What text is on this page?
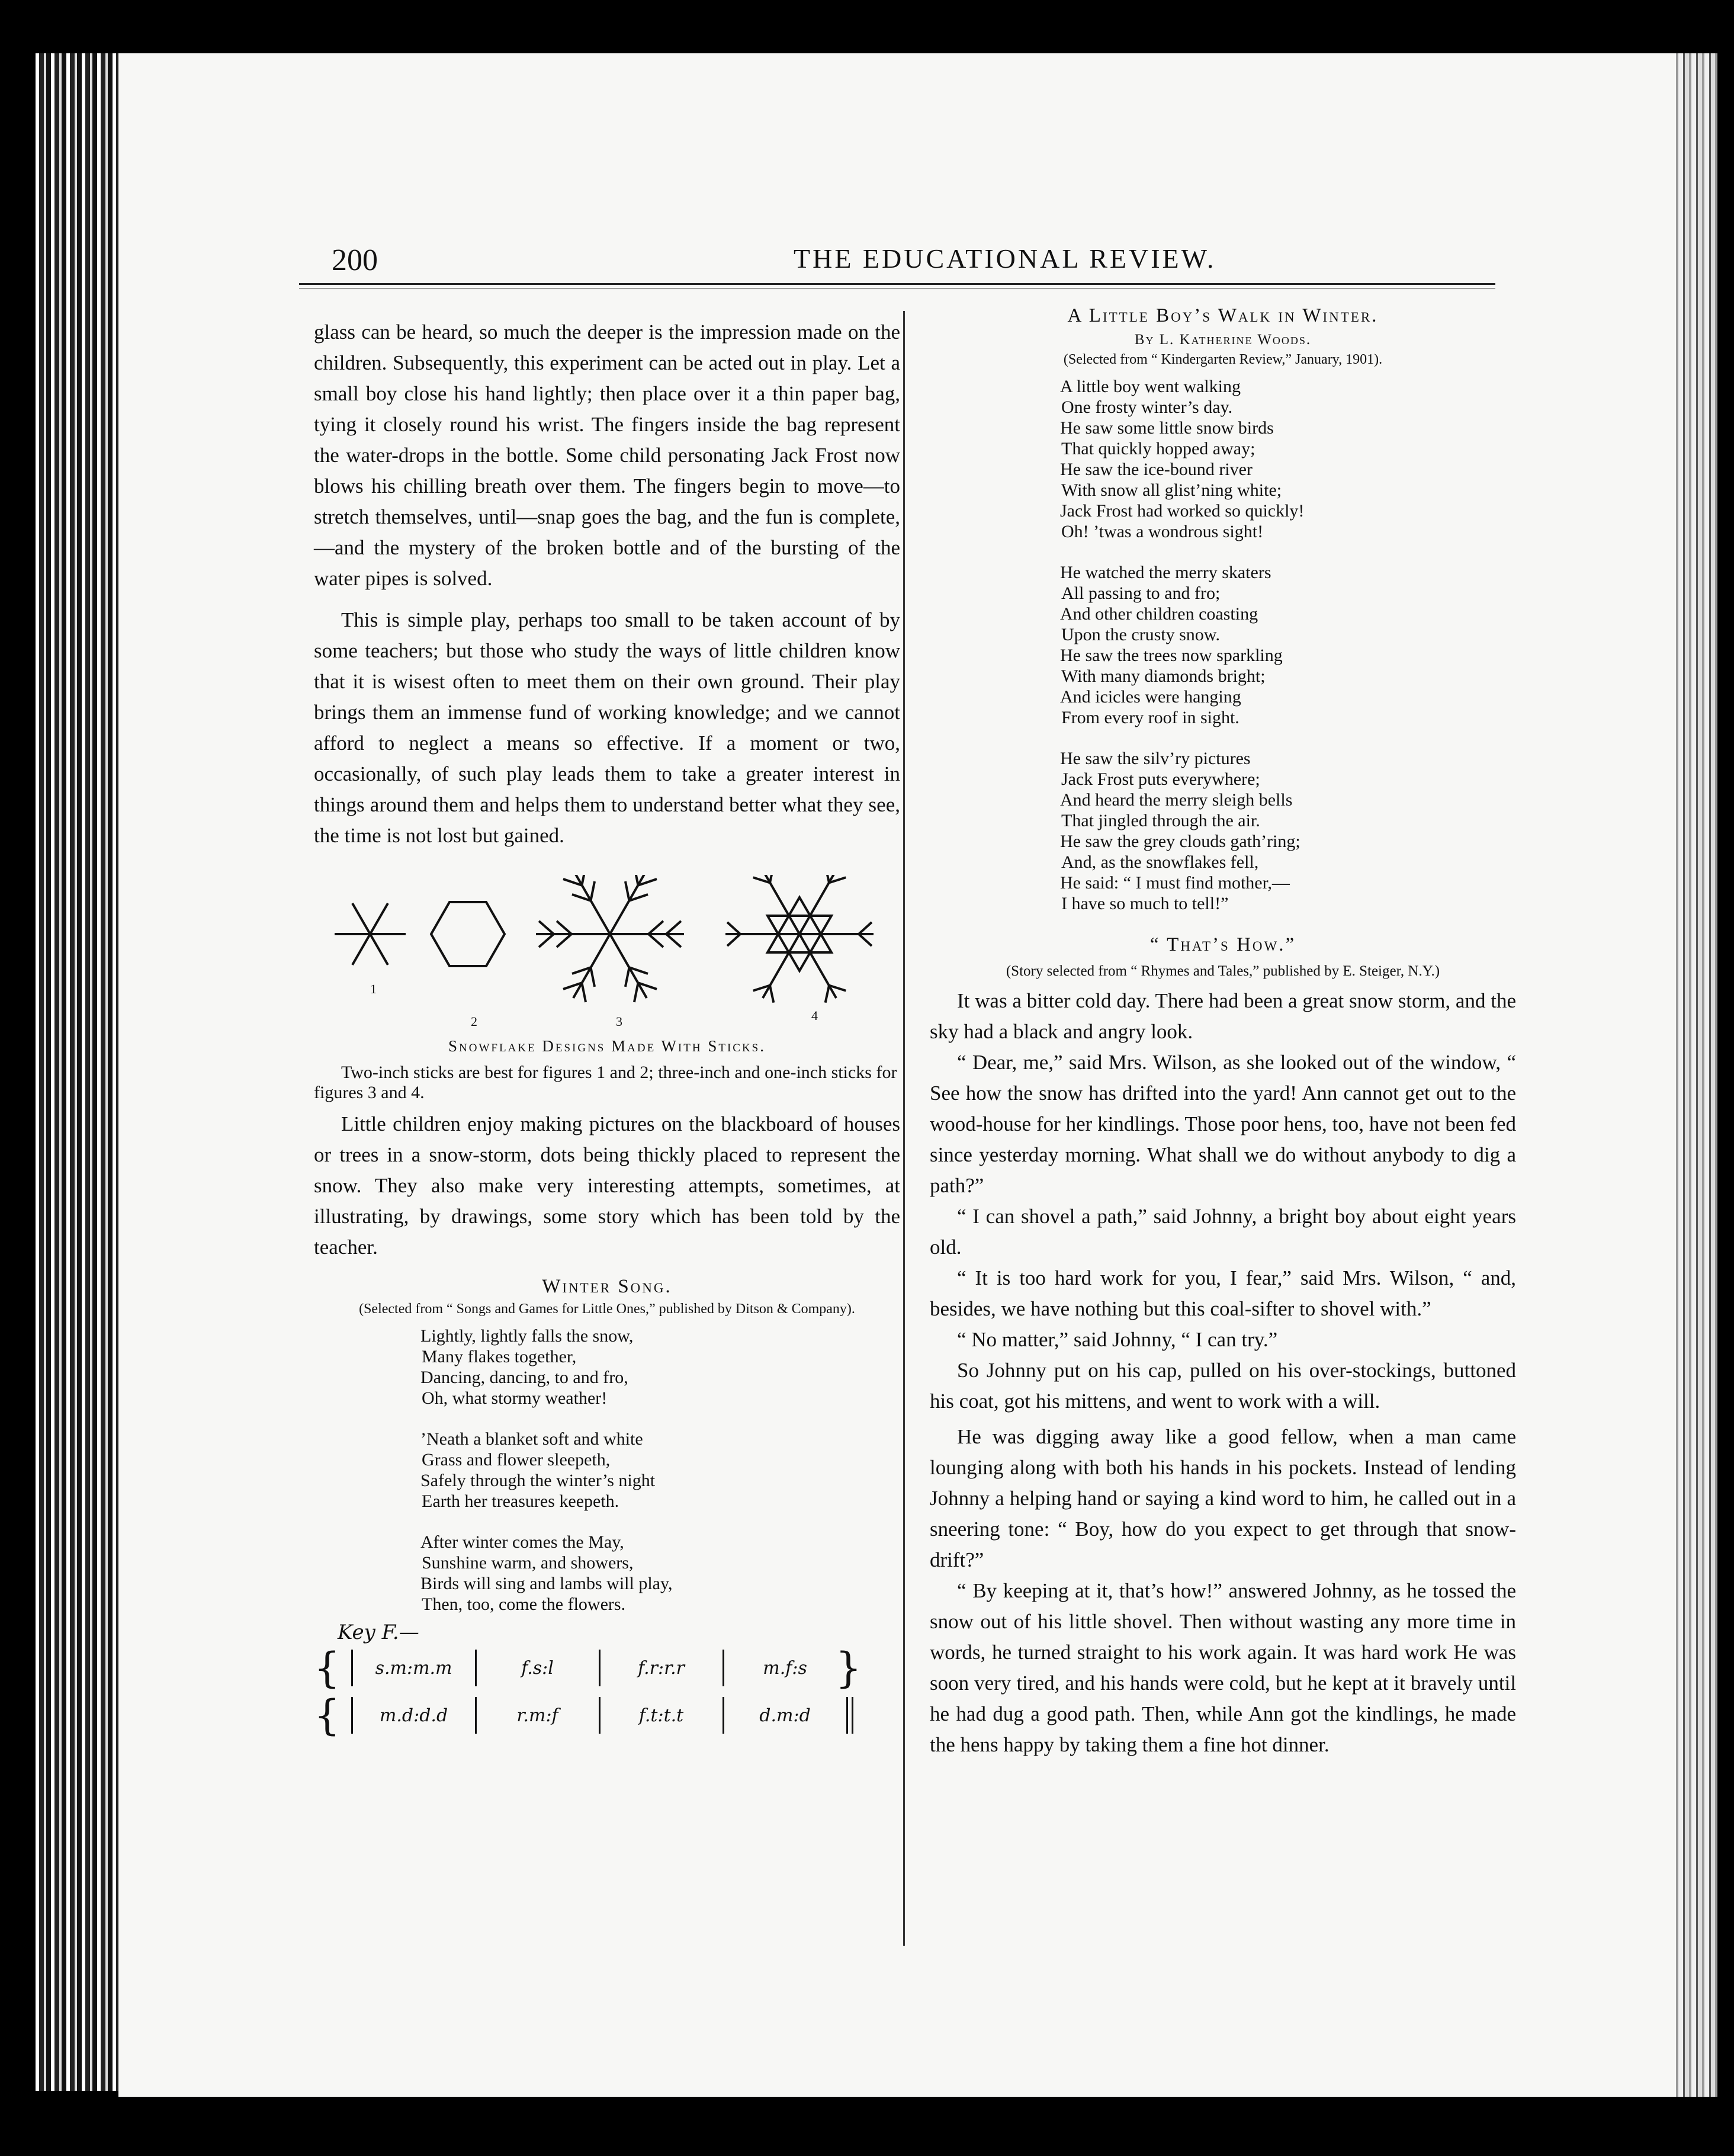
200	THE EDUCATIONAL REVIEW.

glass can be heard, so much the deeper is the impression made on the children. Subsequently, this experiment can be acted out in play. Let a small boy close his hand lightly; then place over it a thin paper bag, tying it closely round his wrist. The fingers inside the bag represent the water-drops in the bottle. Some child personating Jack Frost now blows his chilling breath over them. The fingers begin to move—to stretch themselves, until—snap goes the bag, and the fun is complete,—and the mystery of the broken bottle and of the bursting of the water pipes is solved.

This is simple play, perhaps too small to be taken account of by some teachers; but those who study the ways of little children know that it is wisest often to meet them on their own ground. Their play brings them an immense fund of working knowledge; and we cannot afford to neglect a means so effective. If a moment or two, occasionally, of such play leads them to take a greater interest in things around them and helps them to understand better what they see, the time is not lost but gained.

1
2	3	4
Snowflake Designs Made With Sticks.

Two-inch sticks are best for figures 1 and 2; three-inch and one-inch sticks for figures 3 and 4.

Little children enjoy making pictures on the blackboard of houses or trees in a snow-storm, dots being thickly placed to represent the snow. They also make very interesting attempts, sometimes, at illustrating, by drawings, some story which has been told by the teacher.

Winter Song.

(Selected from “ Songs and Games for Little Ones,” published by Ditson & Company).

Lightly, lightly falls the snow,
Many flakes together,
Dancing, dancing, to and fro,
Oh, what stormy weather!
’Neath a blanket soft and white
Grass and flower sleepeth,
Safely through the winter’s night
Earth her treasures keepeth.
After winter comes the May,
Sunshine warm, and showers,
Birds will sing and lambs will play,
Then, too, come the flowers.
Key F.—
{	s.m:m.m	f.s:l	f.r:r.r	m.f:s }
{	m.d:d.d	r.m:f	f.t:t.t	d.m:d

A Little Boy’s Walk in Winter.

By L. Katherine Woods.

(Selected from “ Kindergarten Review,” January, 1901).

A little boy went walking
One frosty winter’s day.
He saw some little snow birds
That quickly hopped away;
He saw the ice-bound river
With snow all glist’ning white;
Jack Frost had worked so quickly!
Oh! ’twas a wondrous sight!
He watched the merry skaters
All passing to and fro;
And other children coasting
Upon the crusty snow.
He saw the trees now sparkling
With many diamonds bright;
And icicles were hanging
From every roof in sight.
He saw the silv’ry pictures
Jack Frost puts everywhere;
And heard the merry sleigh bells
That jingled through the air.
He saw the grey clouds gath’ring;
And, as the snowflakes fell,
He said: “ I must find mother,—
I have so much to tell!”

“ That’s How.”

(Story selected from “ Rhymes and Tales,” published by E. Steiger, N.Y.)

It was a bitter cold day. There had been a great snow storm, and the sky had a black and angry look.

“ Dear, me,” said Mrs. Wilson, as she looked out of the window, “ See how the snow has drifted into the yard! Ann cannot get out to the wood-house for her kindlings. Those poor hens, too, have not been fed since yesterday morning. What shall we do without anybody to dig a path?”

“ I can shovel a path,” said Johnny, a bright boy about eight years old.

“ It is too hard work for you, I fear,” said Mrs. Wilson, “ and, besides, we have nothing but this coal-sifter to shovel with.”

“ No matter,” said Johnny, “ I can try.”

So Johnny put on his cap, pulled on his over-stockings, buttoned his coat, got his mittens, and went to work with a will.

He was digging away like a good fellow, when a man came lounging along with both his hands in his pockets. Instead of lending Johnny a helping hand or saying a kind word to him, he called out in a sneering tone: “ Boy, how do you expect to get through that snow-drift?”

“ By keeping at it, that’s how!” answered Johnny, as he tossed the snow out of his little shovel. Then without wasting any more time in words, he turned straight to his work again. It was hard work He was soon very tired, and his hands were cold, but he kept at it bravely until he had dug a good path. Then, while Ann got the kindlings, he made the hens happy by taking them a fine hot dinner.
